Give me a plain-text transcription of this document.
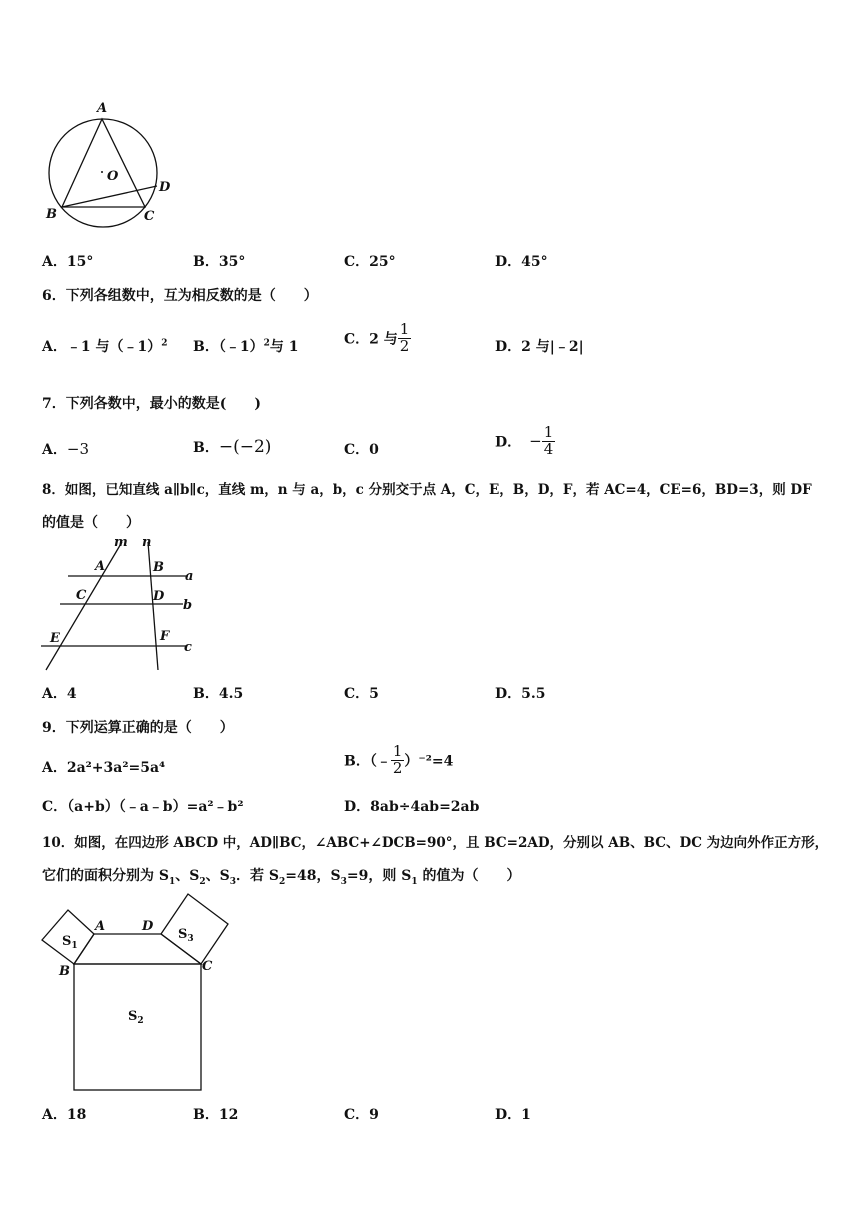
A
O
D
B	C
A．15°	B．35°	C．25°	D．45°
6．下列各组数中，互为相反数的是（　　）
A．﹣1 与（﹣1）$^2$ B．（﹣1）$^2$与 1	C．2 与 $\frac{1}{2}$	D．2 与|﹣2|
7．下列各数中，最小的数是(　　)
A．−3	B．−(−2)	C．0	D． − $\frac{1}{4}$
8．如图，已知直线 a∥b∥c，直线 m，n 与 a，b，c 分别交于点 A，C，E，B，D，F，若 AC=4，CE=6，BD=3，则 DF
的值是（　　）
m n
A	B
a
C	D
b
E	F
c
A．4	B．4.5	C．5	D．5.5
9．下列运算正确的是（　　）
A．2a²+3a²=5a⁴	B．（﹣ $\frac{1}{2} )^{-2}=4$
C．（a+b）（﹣a﹣b）=a²﹣b²	D．8ab÷4ab=2ab
10．如图，在四边形 ABCD 中，AD∥BC，∠ABC+∠DCB=90°，且 BC=2AD，分别以 AB、BC、DC 为边向外作正方形，
它们的面积分别为 $S_1$、$S_2$、$S_3$．若 $S_2=48$，$S_3=9$，则 $S_1$ 的值为（　　）
$S_1$
$S_3$
$S_2$
A	D
B	C
A．18	B．12	C．9	D．1
